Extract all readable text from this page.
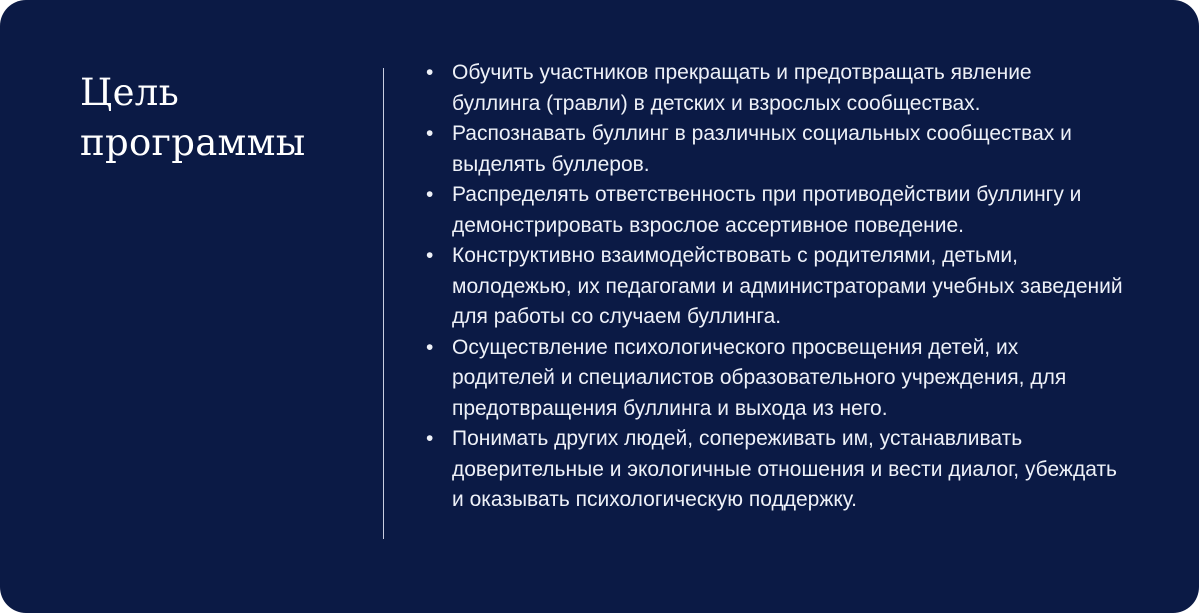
Цель
программы
• Обучить участников прекращать и предотвращать явление буллинга (травли) в детских и взрослых сообществах.
• Распознавать буллинг в различных социальных сообществах и выделять буллеров.
• Распределять ответственность при противодействии буллингу и демонстрировать взрослое ассертивное поведение.
• Конструктивно взаимодействовать с родителями, детьми, молодежью, их педагогами и администраторами учебных заведений для работы со случаем буллинга.
• Осуществление психологического просвещения детей, их родителей и специалистов образовательного учреждения, для предотвращения буллинга и выхода из него.
• Понимать других людей, сопереживать им, устанавливать доверительные и экологичные отношения и вести диалог, убеждать и оказывать психологическую поддержку.
